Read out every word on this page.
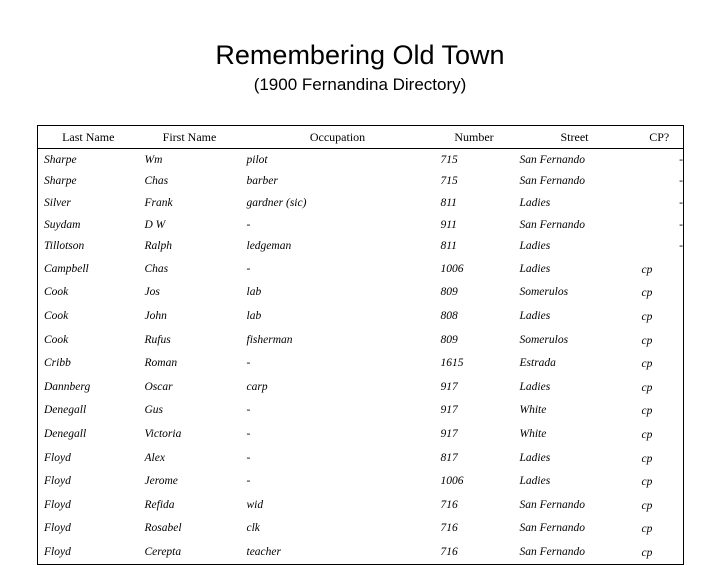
Remembering Old Town
(1900 Fernandina Directory)
Last Name	First Name	Occupation	Number	Street	CP?
Sharpe	Wm	pilot	715	San Fernando	-
Sharpe	Chas	barber	715	San Fernando	-
Silver	Frank	gardner (sic)	811	Ladies	-
Suydam	D W	-	911	San Fernando	-
Tillotson	Ralph	ledgeman	811	Ladies	-
Campbell	Chas	-	1006	Ladies	cp
Cook	Jos	lab	809	Somerulos	cp
Cook	John	lab	808	Ladies	cp
Cook	Rufus	fisherman	809	Somerulos	cp
Cribb	Roman	-	1615	Estrada	cp
Dannberg	Oscar	carp	917	Ladies	cp
Denegall	Gus	-	917	White	cp
Denegall	Victoria	-	917	White	cp
Floyd	Alex	-	817	Ladies	cp
Floyd	Jerome	-	1006	Ladies	cp
Floyd	Refida	wid	716	San Fernando	cp
Floyd	Rosabel	clk	716	San Fernando	cp
Floyd	Cerepta	teacher	716	San Fernando	cp
